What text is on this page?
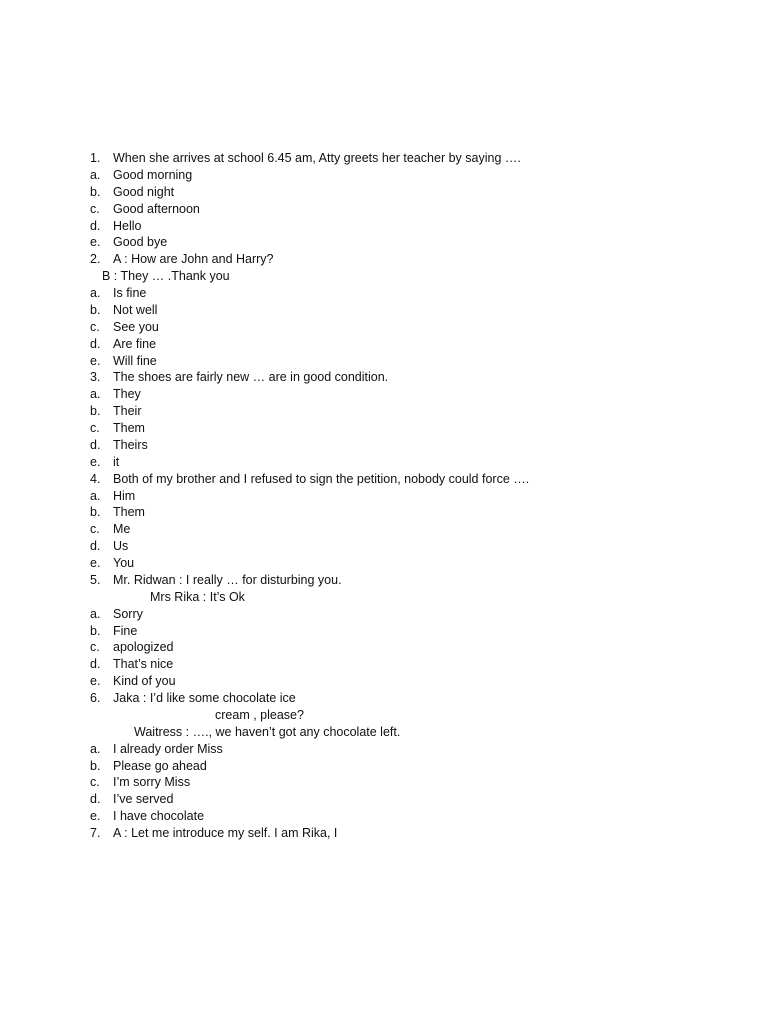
1. When she arrives at school 6.45 am, Atty greets her teacher by saying ….
a. Good morning
b. Good night
c. Good afternoon
d. Hello
e. Good bye
2. A : How are John and Harry?
B : They … .Thank you
a. Is fine
b. Not well
c. See you
d. Are fine
e. Will fine
3. The shoes are fairly new … are in good condition.
a. They
b. Their
c. Them
d. Theirs
e. it
4. Both of my brother and I refused to sign the petition, nobody could force ….
a. Him
b. Them
c. Me
d. Us
e. You
5. Mr. Ridwan : I really … for disturbing you.
Mrs Rika : It’s Ok
a. Sorry
b. Fine
c. apologized
d. That’s nice
e. Kind of you
6. Jaka : I’d like some chocolate ice
cream , please?
Waitress : …., we haven’t got any chocolate left.
a. I already order Miss
b. Please go ahead
c. I’m sorry Miss
d. I’ve served
e. I have chocolate
7. A : Let me introduce my self. I am Rika, I
